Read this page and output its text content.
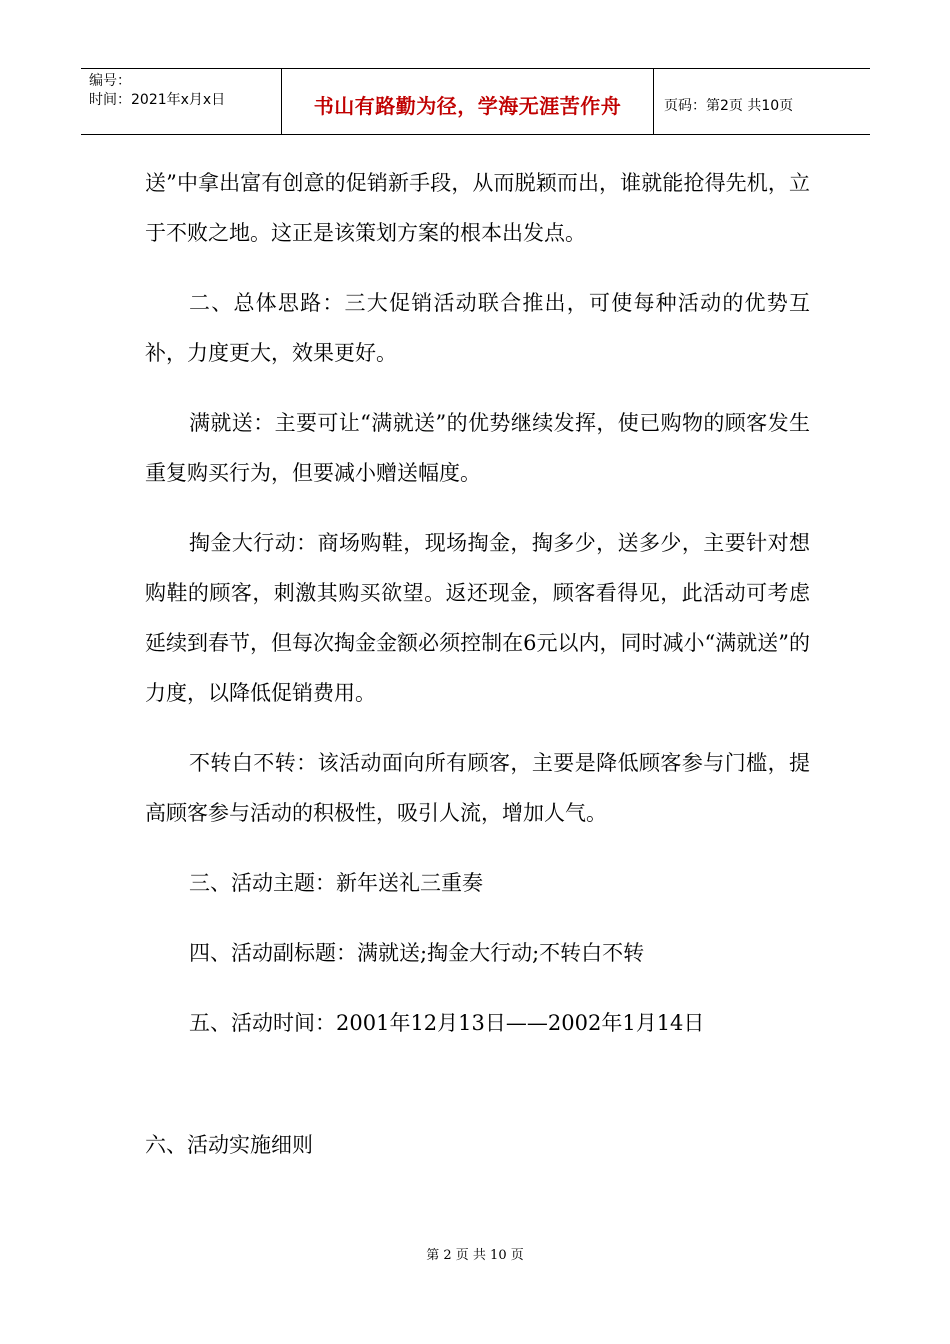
编号：
时间：2021年x月x日	书山有路勤为径，学海无涯苦作舟	页码：第2页 共10页

送”中拿出富有创意的促销新手段，从而脱颖而出，谁就能抢得先机，立于不败之地。这正是该策划方案的根本出发点。

二、总体思路：三大促销活动联合推出，可使每种活动的优势互补，力度更大，效果更好。

满就送：主要可让“满就送”的优势继续发挥，使已购物的顾客发生重复购买行为，但要减小赠送幅度。

掏金大行动：商场购鞋，现场掏金，掏多少，送多少，主要针对想购鞋的顾客，刺激其购买欲望。返还现金，顾客看得见，此活动可考虑延续到春节，但每次掏金金额必须控制在6元以内，同时减小“满就送”的力度，以降低促销费用。

不转白不转：该活动面向所有顾客，主要是降低顾客参与门槛，提高顾客参与活动的积极性，吸引人流，增加人气。

三、活动主题：新年送礼三重奏

四、活动副标题：满就送;掏金大行动;不转白不转

五、活动时间：2001年12月13日——2002年1月14日

六、活动实施细则

第 2 页 共 10 页
